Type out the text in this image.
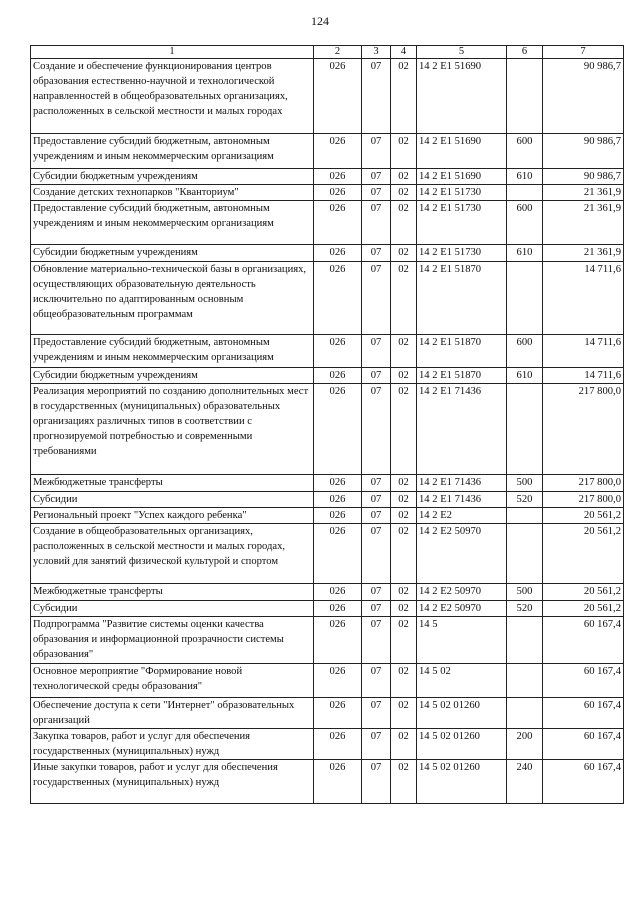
124
1	2	3	4	5	6	7
Создание и обеспечение функционирования центров образования естественно-научной и технологической направленностей в общеобразовательных организациях, расположенных в сельской местности и малых городах	026	07	02	14 2 E1 51690		90 986,7
Предоставление субсидий бюджетным, автономным учреждениям и иным некоммерческим организациям	026	07	02	14 2 E1 51690	600	90 986,7
Субсидии бюджетным учреждениям	026	07	02	14 2 E1 51690	610	90 986,7
Создание детских технопарков "Кванториум"	026	07	02	14 2 E1 51730		21 361,9
Предоставление субсидий бюджетным, автономным учреждениям и иным некоммерческим организациям	026	07	02	14 2 E1 51730	600	21 361,9
Субсидии бюджетным учреждениям	026	07	02	14 2 E1 51730	610	21 361,9
Обновление материально-технической базы в организациях, осуществляющих образовательную деятельность исключительно по адаптированным основным общеобразовательным программам	026	07	02	14 2 E1 51870		14 711,6
Предоставление субсидий бюджетным, автономным учреждениям и иным некоммерческим организациям	026	07	02	14 2 E1 51870	600	14 711,6
Субсидии бюджетным учреждениям	026	07	02	14 2 E1 51870	610	14 711,6
Реализация мероприятий по созданию дополнительных мест в государственных (муниципальных) образовательных организациях различных типов в соответствии с прогнозируемой потребностью и современными требованиями	026	07	02	14 2 E1 71436		217 800,0
Межбюджетные трансферты	026	07	02	14 2 E1 71436	500	217 800,0
Субсидии	026	07	02	14 2 E1 71436	520	217 800,0
Региональный проект "Успех каждого ребенка"	026	07	02	14 2 E2		20 561,2
Создание в общеобразовательных организациях, расположенных в сельской местности и малых городах, условий для занятий физической культурой и спортом	026	07	02	14 2 E2 50970		20 561,2
Межбюджетные трансферты	026	07	02	14 2 E2 50970	500	20 561,2
Субсидии	026	07	02	14 2 E2 50970	520	20 561,2
Подпрограмма "Развитие системы оценки качества образования и информационной прозрачности системы образования"	026	07	02	14 5		60 167,4
Основное мероприятие "Формирование новой технологической среды образования"	026	07	02	14 5 02		60 167,4
Обеспечение доступа к сети "Интернет" образовательных организаций	026	07	02	14 5 02 01260		60 167,4
Закупка товаров, работ и услуг для обеспечения государственных (муниципальных) нужд	026	07	02	14 5 02 01260	200	60 167,4
Иные закупки товаров, работ и услуг для обеспечения государственных (муниципальных) нужд	026	07	02	14 5 02 01260	240	60 167,4
